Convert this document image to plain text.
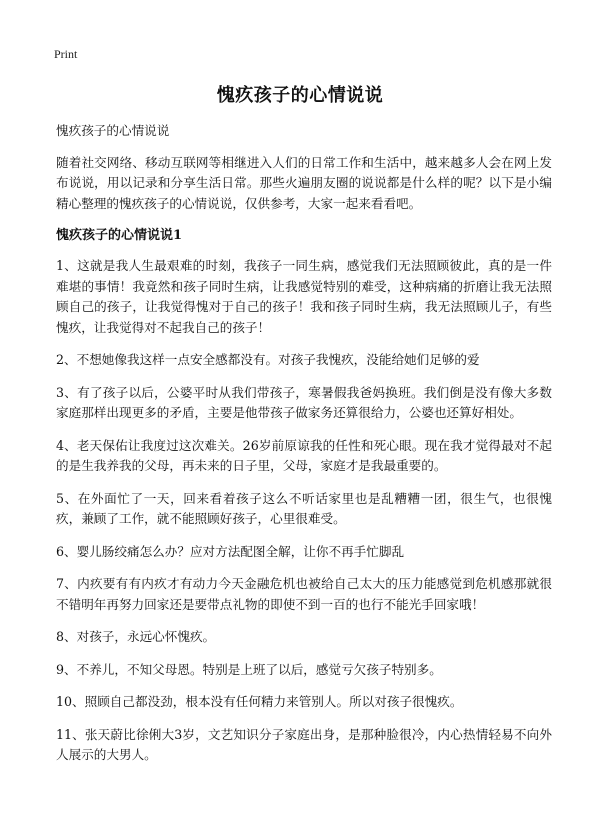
Print
愧疚孩子的心情说说

愧疚孩子的心情说说

随着社交网络、移动互联网等相继进入人们的日常工作和生活中，越来越多人会在网上发布说说，用以记录和分享生活日常。那些火遍朋友圈的说说都是什么样的呢？以下是小编精心整理的愧疚孩子的心情说说，仅供参考，大家一起来看看吧。

愧疚孩子的心情说说1

1、这就是我人生最艰难的时刻，我孩子一同生病，感觉我们无法照顾彼此，真的是一件难堪的事情！我竟然和孩子同时生病，让我感觉特别的难受，这种病痛的折磨让我无法照顾自己的孩子，让我觉得愧对于自己的孩子！我和孩子同时生病，我无法照顾儿子，有些愧疚，让我觉得对不起我自己的孩子！

2、不想她像我这样一点安全感都没有。对孩子我愧疚，没能给她们足够的爱

3、有了孩子以后，公婆平时从我们带孩子，寒暑假我爸妈换班。我们倒是没有像大多数家庭那样出现更多的矛盾，主要是他带孩子做家务还算很给力，公婆也还算好相处。

4、老天保佑让我度过这次难关。26岁前原谅我的任性和死心眼。现在我才觉得最对不起的是生我养我的父母，再未来的日子里，父母，家庭才是我最重要的。

5、在外面忙了一天，回来看着孩子这么不听话家里也是乱糟糟一团，很生气，也很愧疚，兼顾了工作，就不能照顾好孩子，心里很难受。

6、婴儿肠绞痛怎么办？应对方法配图全解，让你不再手忙脚乱

7、内疚要有有内疚才有动力今天金融危机也被给自己太大的压力能感觉到危机感那就很不错明年再努力回家还是要带点礼物的即使不到一百的也行不能光手回家哦！

8、对孩子，永远心怀愧疚。

9、不养儿，不知父母恩。特别是上班了以后，感觉亏欠孩子特别多。

10、照顾自己都没劲，根本没有任何精力来管别人。所以对孩子很愧疚。

11、张天蔚比徐俐大3岁，文艺知识分子家庭出身，是那种脸很冷，内心热情轻易不向外人展示的大男人。
